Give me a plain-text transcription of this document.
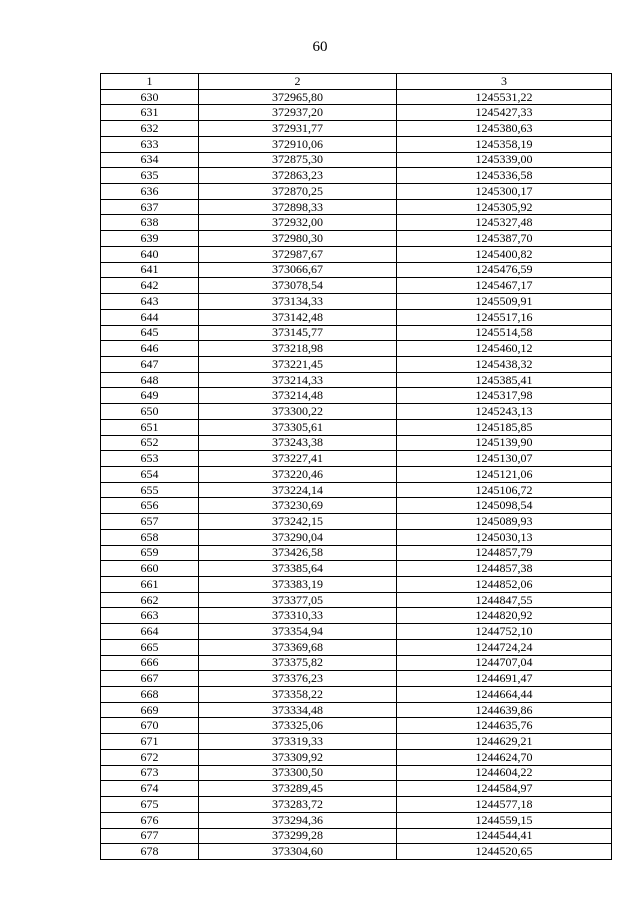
60
1	2	3
630	372965,80	1245531,22
631	372937,20	1245427,33
632	372931,77	1245380,63
633	372910,06	1245358,19
634	372875,30	1245339,00
635	372863,23	1245336,58
636	372870,25	1245300,17
637	372898,33	1245305,92
638	372932,00	1245327,48
639	372980,30	1245387,70
640	372987,67	1245400,82
641	373066,67	1245476,59
642	373078,54	1245467,17
643	373134,33	1245509,91
644	373142,48	1245517,16
645	373145,77	1245514,58
646	373218,98	1245460,12
647	373221,45	1245438,32
648	373214,33	1245385,41
649	373214,48	1245317,98
650	373300,22	1245243,13
651	373305,61	1245185,85
652	373243,38	1245139,90
653	373227,41	1245130,07
654	373220,46	1245121,06
655	373224,14	1245106,72
656	373230,69	1245098,54
657	373242,15	1245089,93
658	373290,04	1245030,13
659	373426,58	1244857,79
660	373385,64	1244857,38
661	373383,19	1244852,06
662	373377,05	1244847,55
663	373310,33	1244820,92
664	373354,94	1244752,10
665	373369,68	1244724,24
666	373375,82	1244707,04
667	373376,23	1244691,47
668	373358,22	1244664,44
669	373334,48	1244639,86
670	373325,06	1244635,76
671	373319,33	1244629,21
672	373309,92	1244624,70
673	373300,50	1244604,22
674	373289,45	1244584,97
675	373283,72	1244577,18
676	373294,36	1244559,15
677	373299,28	1244544,41
678	373304,60	1244520,65
